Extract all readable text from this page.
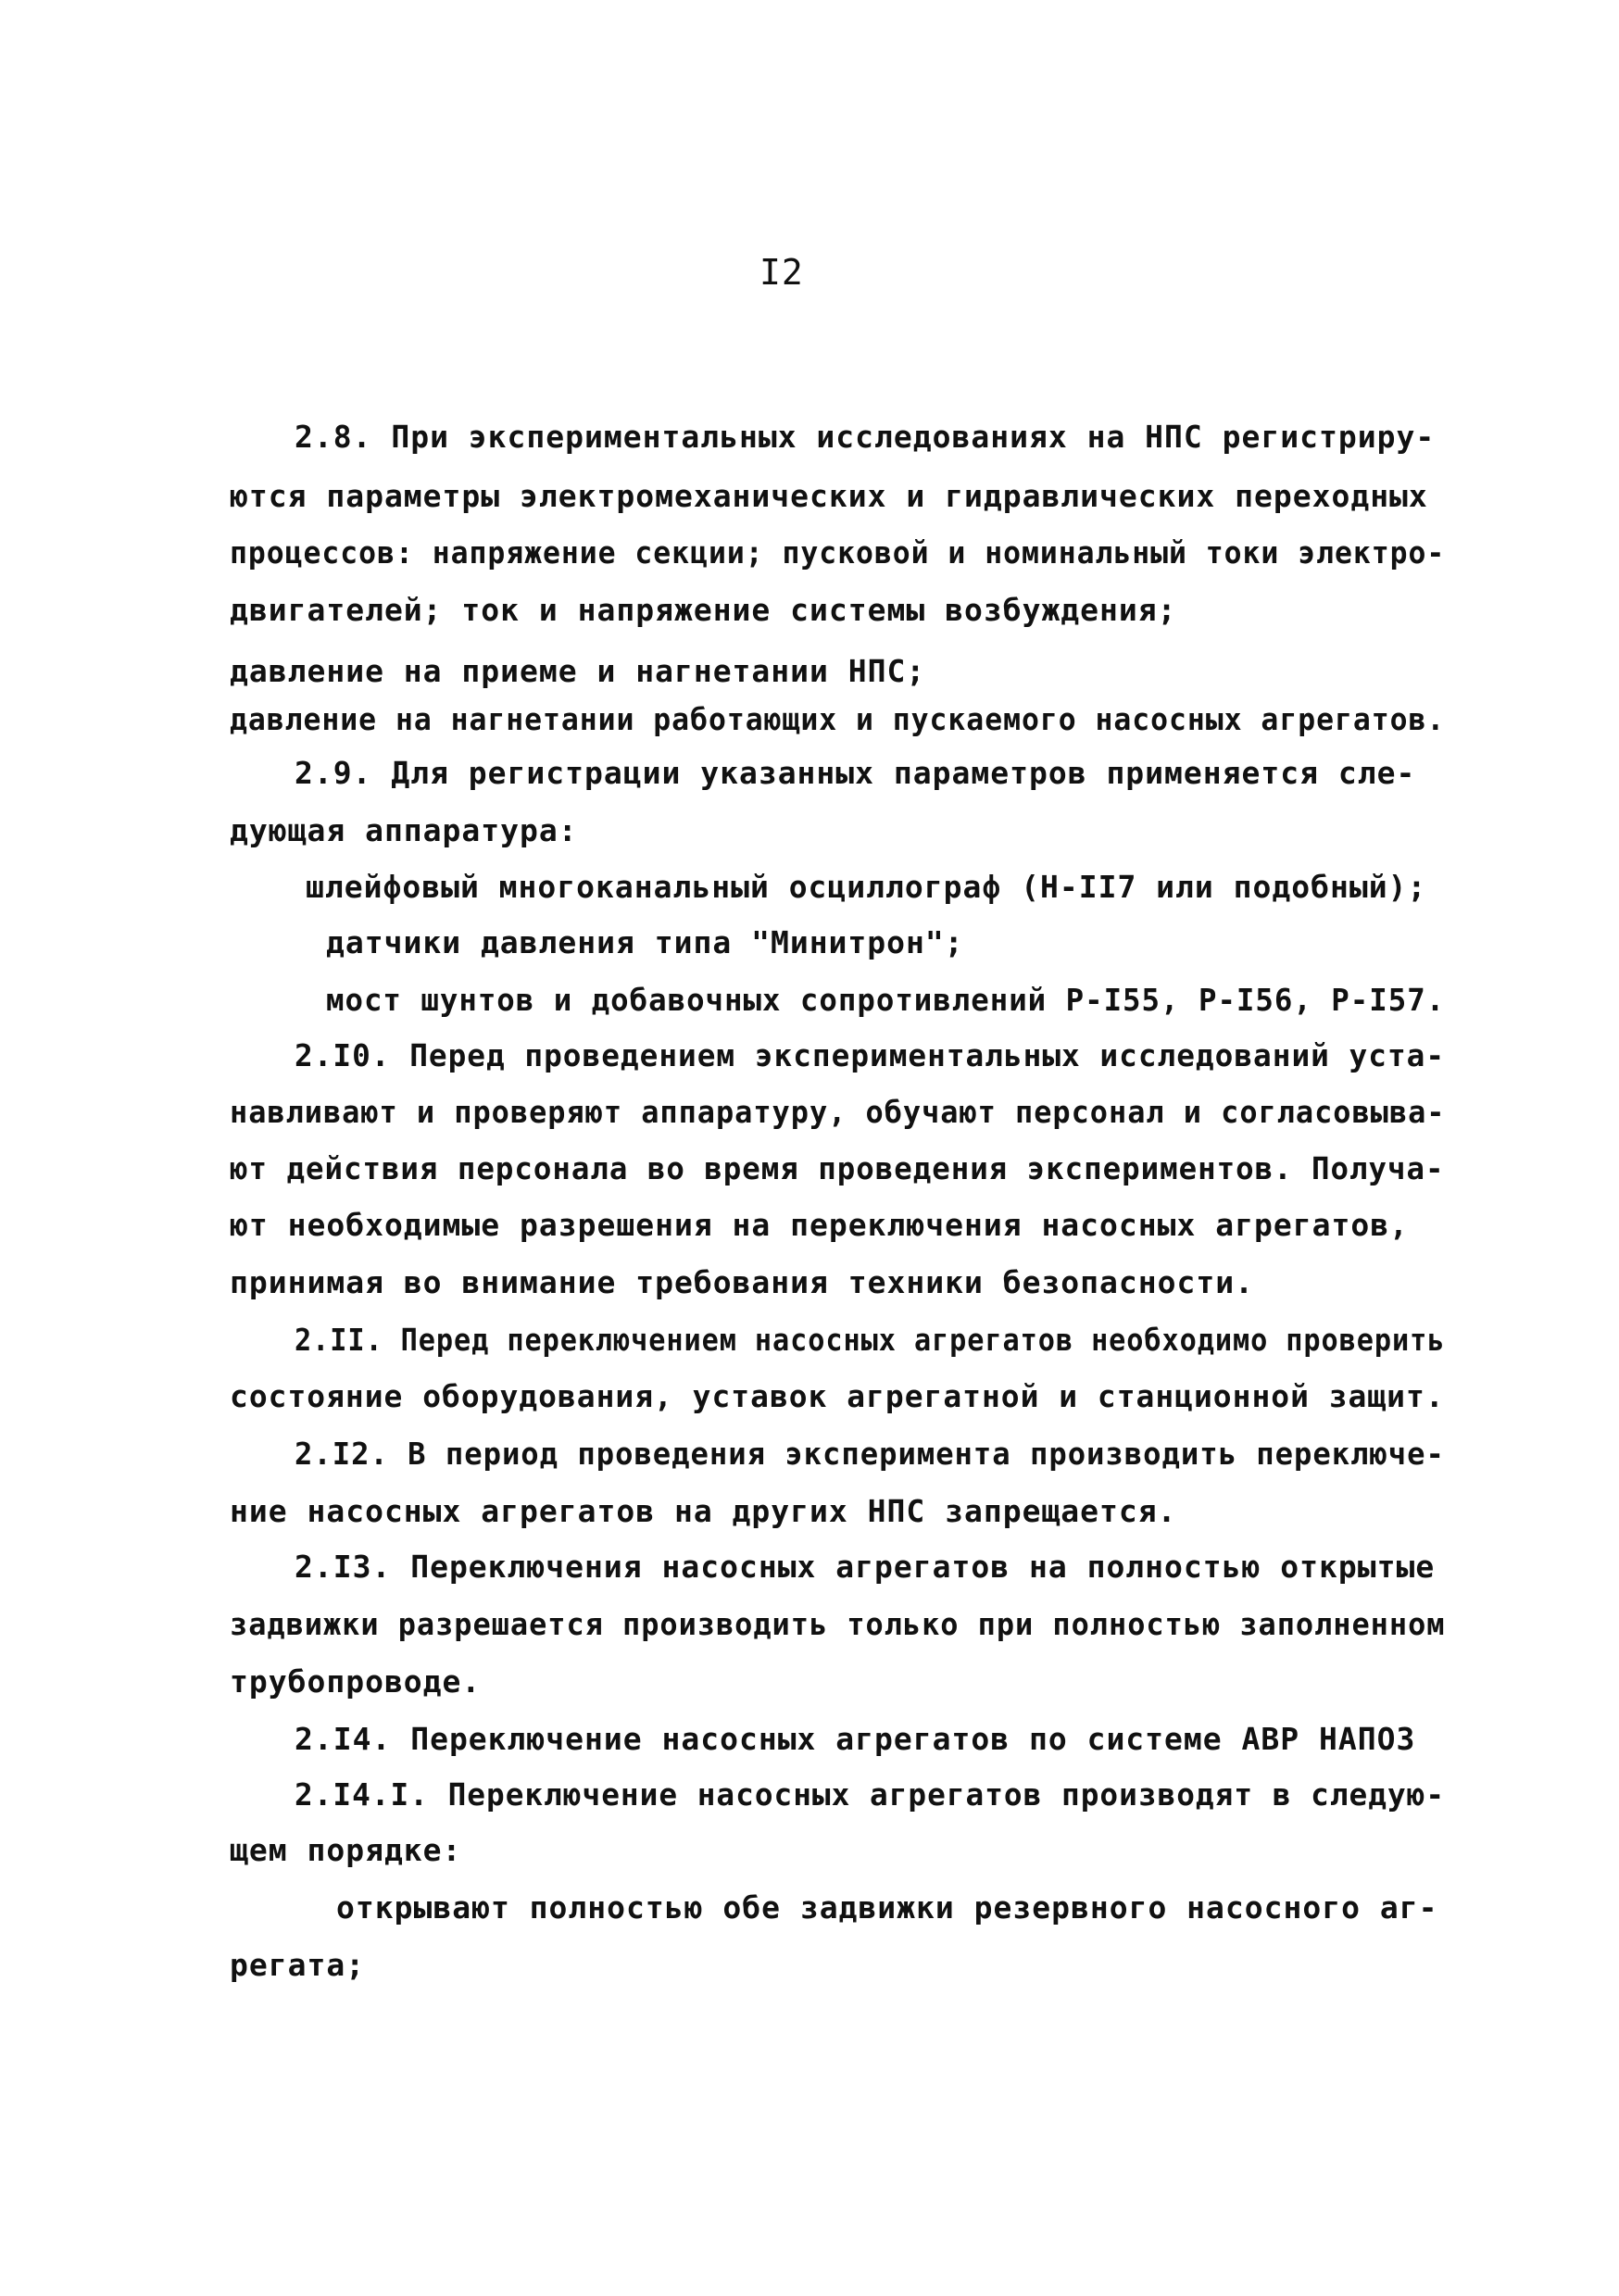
I2
2.8. При экспериментальных исследованиях на НПС регистриру-
ются параметры электромеханических и гидравлических переходных
процессов: напряжение секции; пусковой и номинальный токи электро-
двигателей; ток и напряжение системы возбуждения;
давление на приеме и нагнетании НПС;
давление на нагнетании работающих и пускаемого насосных агрегатов.
2.9. Для регистрации указанных параметров применяется сле-
дующая аппаратура:
шлейфовый многоканальный осциллограф (Н-II7 или подобный);
датчики давления типа "Минитрон";
мост шунтов и добавочных сопротивлений Р-I55, Р-I56, Р-I57.
2.I0. Перед проведением экспериментальных исследований уста-
навливают и проверяют аппаратуру, обучают персонал и согласовыва-
ют действия персонала во время проведения экспериментов. Получа-
ют необходимые разрешения на переключения насосных агрегатов,
принимая во внимание требования техники безопасности.
2.II. Перед переключением насосных агрегатов необходимо проверить
состояние оборудования, уставок агрегатной и станционной защит.
2.I2. В период проведения эксперимента производить переключе-
ние насосных агрегатов на других НПС запрещается.
2.I3. Переключения насосных агрегатов на полностью открытые
задвижки разрешается производить только при полностью заполненном
трубопроводе.
2.I4. Переключение насосных агрегатов по системе АВР НАПОЗ
2.I4.I. Переключение насосных агрегатов производят в следую-
щем порядке:
открывают полностью обе задвижки резервного насосного аг-
регата;
